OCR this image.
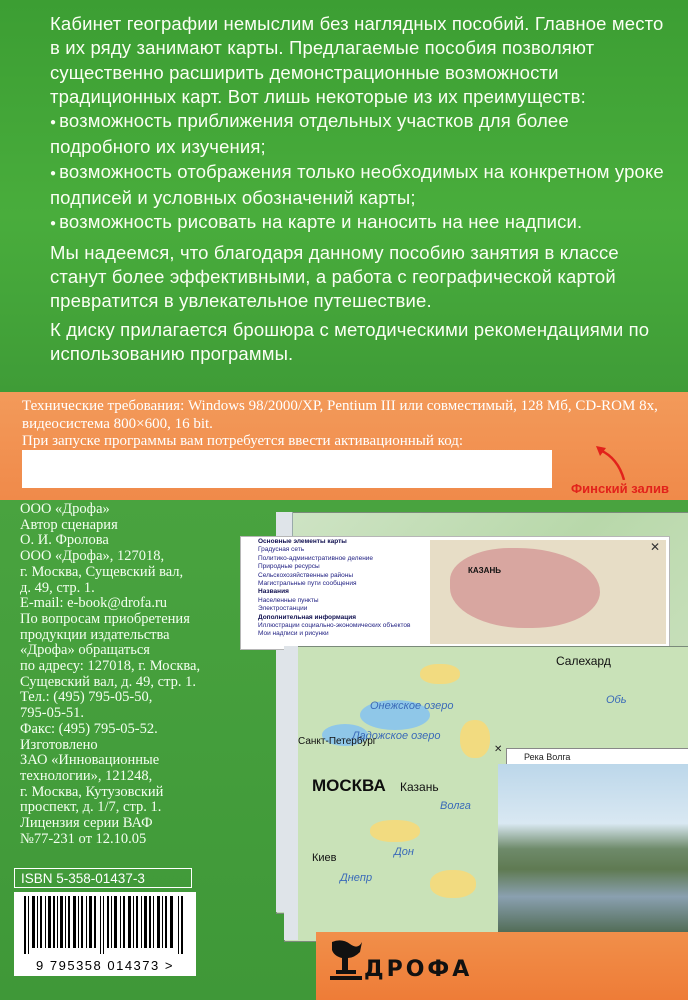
Кабинет географии немыслим без наглядных пособий. Главное место в их ряду занимают карты. Предлагаемые пособия позволяют существенно расширить демонстрационные возможности традиционных карт. Вот лишь некоторые из их преимуществ:

● возможность приближения отдельных участков для более подробного их изучения;

● возможность отображения только необходимых на конкретном уроке подписей и условных обозначений карты;

● возможность рисовать на карте и наносить на нее надписи.

Мы надеемся, что благодаря данному пособию занятия в классе станут более эффективными, а работа с географической картой превратится в увлекательное путешествие.

К диску прилагается брошюра с методическими рекомендациями по использованию программы.

Технические требования: Windows 98/2000/XP, Pentium III или совместимый, 128 Мб, CD-ROM 8x, видеосистема 800×600, 16 bit.
При запуске программы вам потребуется ввести активационный код:
Финский залив
Основные элементы карты
Градусная сеть
Политико-административное деление
Природные ресурсы
Сельскохозяйственные районы
Магистральные пути сообщения
Названия
Населенные пункты
Электростанции
Дополнительная информация
Иллюстрации социально-экономических объектов
Мои надписи и рисунки
КАЗАНЬ
✕
Онежское озеро
Ладожское озеро
Обь
Днепр
Дон
Волга
Салехард
Санкт-Петербург
МОСКВА Казань
Киев
✕
Река Волга
ООО «Дрофа»
Автор сценария
О. И. Фролова
ООО «Дрофа», 127018,
г. Москва, Сущевский вал,
д. 49, стр. 1.
E-mail: e-book@drofa.ru
По вопросам приобретения
продукции издательства
«Дрофа» обращаться
по адресу: 127018, г. Москва,
Сущевский вал, д. 49, стр. 1.
Тел.: (495) 795-05-50,
795-05-51.
Факс: (495) 795-05-52.
Изготовлено
ЗАО «Инновационные
технологии», 121248,
г. Москва, Кутузовский
проспект, д. 1/7, стр. 1.
Лицензия серии ВАФ
№77-231 от 12.10.05
ISBN 5-358-01437-3
9 795358 014373 >	ДРОФА
